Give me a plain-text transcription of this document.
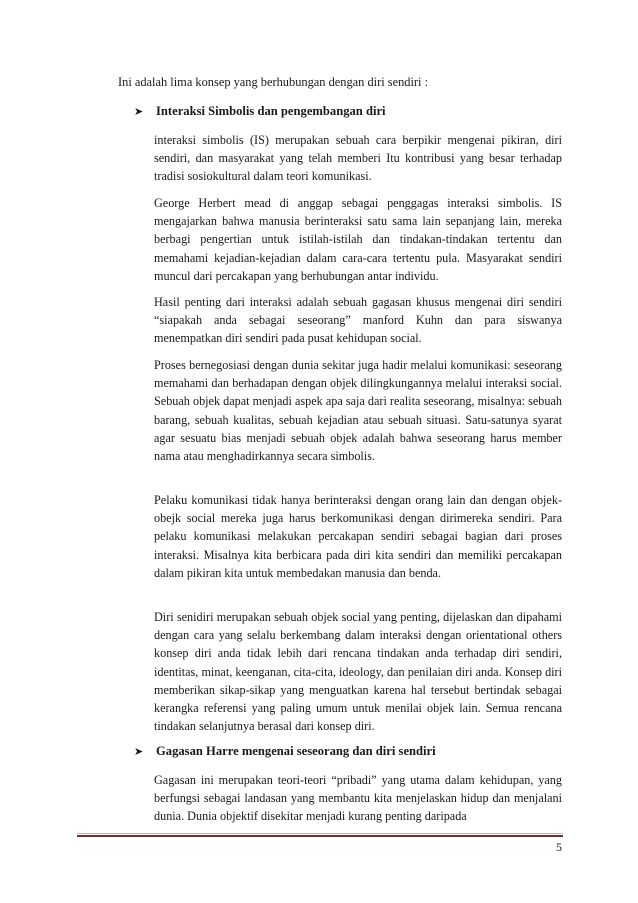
Ini adalah lima konsep yang berhubungan dengan diri sendiri :
➤ Interaksi Simbolis dan pengembangan diri
interaksi simbolis (IS) merupakan sebuah cara berpikir mengenai pikiran, diri sendiri, dan masyarakat yang telah memberi Itu kontribusi yang besar terhadap tradisi sosiokultural dalam teori komunikasi.
George Herbert mead di anggap sebagai penggagas interaksi simbolis. IS mengajarkan bahwa manusia berinteraksi satu sama lain sepanjang lain, mereka berbagi pengertian untuk istilah-istilah dan tindakan-tindakan tertentu dan memahami kejadian-kejadian dalam cara-cara tertentu pula. Masyarakat sendiri muncul dari percakapan yang berhubungan antar individu.
Hasil penting dari interaksi adalah sebuah gagasan khusus mengenai diri sendiri “siapakah anda sebagai seseorang” manford Kuhn dan para siswanya menempatkan diri sendiri pada pusat kehidupan social.
Proses bernegosiasi dengan dunia sekitar juga hadir melalui komunikasi: seseorang memahami dan berhadapan dengan objek dilingkungannya melalui interaksi social. Sebuah objek dapat menjadi aspek apa saja dari realita seseorang, misalnya: sebuah barang, sebuah kualitas, sebuah kejadian atau sebuah situasi. Satu-satunya syarat agar sesuatu bias menjadi sebuah objek adalah bahwa seseorang harus member nama atau menghadirkannya secara simbolis.
Pelaku komunikasi tidak hanya berinteraksi dengan orang lain dan dengan objek-obejk social mereka juga harus berkomunikasi dengan dirimereka sendiri. Para pelaku komunikasi melakukan percakapan sendiri sebagai bagian dari proses interaksi. Misalnya kita berbicara pada diri kita sendiri dan memiliki percakapan dalam pikiran kita untuk membedakan manusia dan benda.
Diri senidiri merupakan sebuah objek social yang penting, dijelaskan dan dipahami dengan cara yang selalu berkembang dalam interaksi dengan orientational others konsep diri anda tidak lebih dari rencana tindakan anda terhadap diri sendiri, identitas, minat, keenganan, cita-cita, ideology, dan penilaian diri anda. Konsep diri memberikan sikap-sikap yang menguatkan karena hal tersebut bertindak sebagai kerangka referensi yang paling umum untuk menilai objek lain. Semua rencana tindakan selanjutnya berasal dari konsep diri.
➤ Gagasan Harre mengenai seseorang dan diri sendiri
Gagasan ini merupakan teori-teori “pribadi” yang utama dalam kehidupan, yang berfungsi sebagai landasan yang membantu kita menjelaskan hidup dan menjalani dunia. Dunia objektif disekitar menjadi kurang penting daripada
5
